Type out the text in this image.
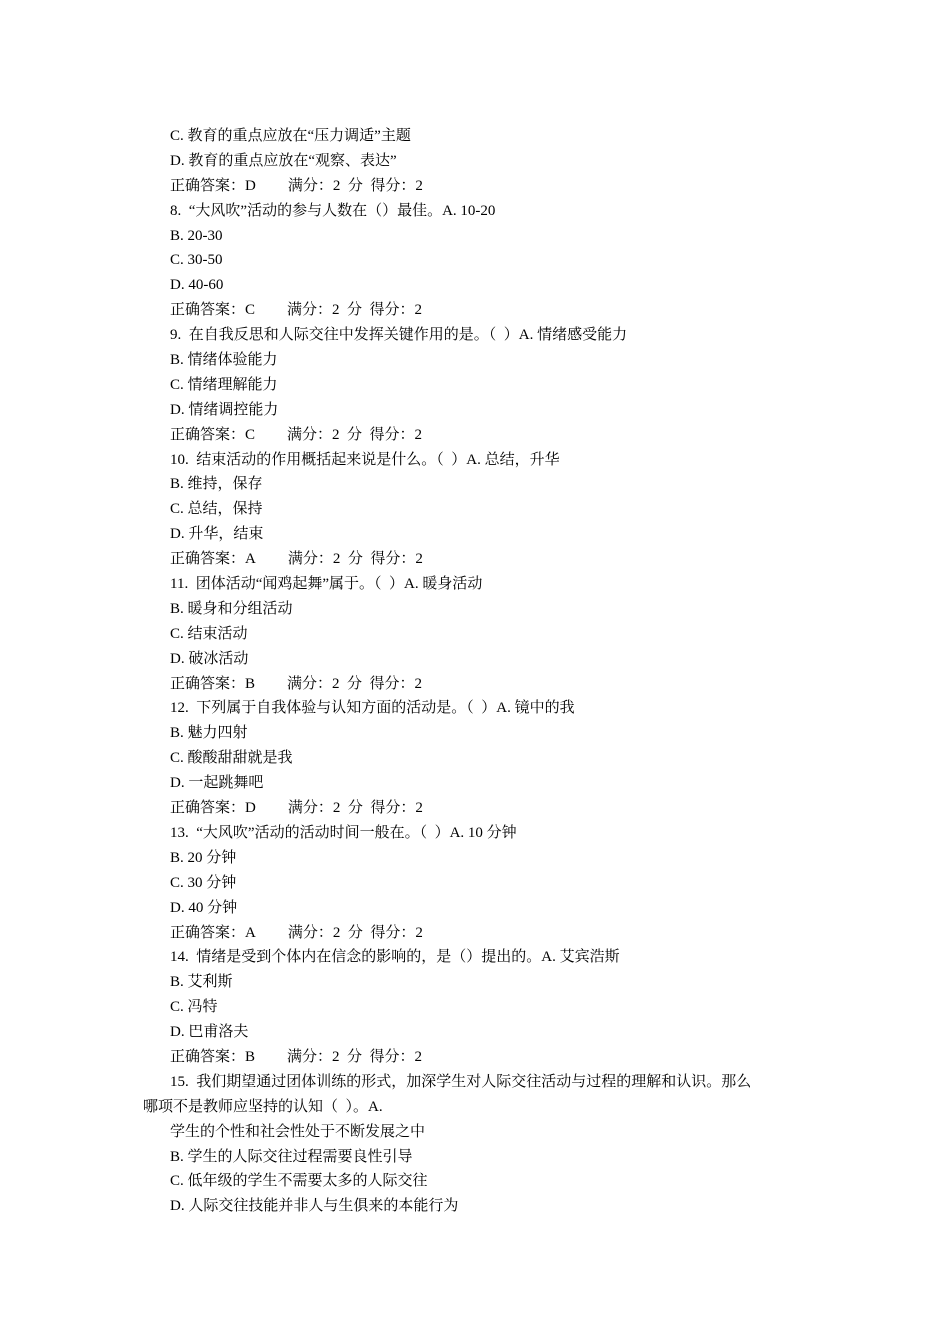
C. 教育的重点应放在“压力调适”主题
D. 教育的重点应放在“观察、表达”
正确答案：D 满分：2  分  得分：2
8.  “大风吹”活动的参与人数在（）最佳。A. 10-20
B. 20-30
C. 30-50
D. 40-60
正确答案：C 满分：2  分  得分：2
9.  在自我反思和人际交往中发挥关键作用的是。（  ）A. 情绪感受能力
B. 情绪体验能力
C. 情绪理解能力
D. 情绪调控能力
正确答案：C 满分：2  分  得分：2
10.  结束活动的作用概括起来说是什么。（  ）A. 总结，升华
B. 维持，保存
C. 总结，保持
D. 升华，结束
正确答案：A 满分：2  分  得分：2
11.  团体活动“闻鸡起舞”属于。（  ）A. 暖身活动
B. 暖身和分组活动
C. 结束活动
D. 破冰活动
正确答案：B 满分：2  分  得分：2
12.  下列属于自我体验与认知方面的活动是。（  ）A. 镜中的我
B. 魅力四射
C. 酸酸甜甜就是我
D. 一起跳舞吧
正确答案：D 满分：2  分  得分：2
13.  “大风吹”活动的活动时间一般在。（  ）A. 10 分钟
B. 20 分钟
C. 30 分钟
D. 40 分钟
正确答案：A 满分：2  分  得分：2
14.  情绪是受到个体内在信念的影响的，是（）提出的。A. 艾宾浩斯
B. 艾利斯
C. 冯特
D. 巴甫洛夫
正确答案：B 满分：2  分  得分：2
15.  我们期望通过团体训练的形式，加深学生对人际交往活动与过程的理解和认识。那么
哪项不是教师应坚持的认知（  ）。A.
学生的个性和社会性处于不断发展之中
B. 学生的人际交往过程需要良性引导
C. 低年级的学生不需要太多的人际交往
D. 人际交往技能并非人与生俱来的本能行为
